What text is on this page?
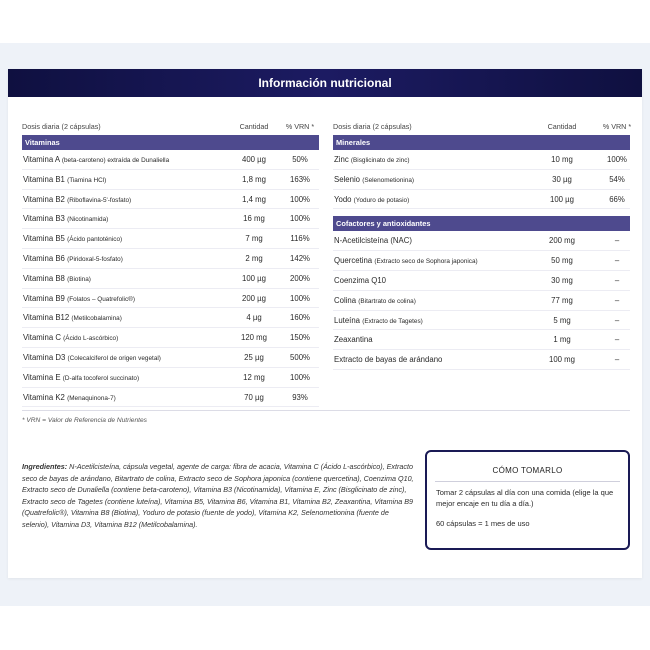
Información nutricional
Dosis diaria (2 cápsulas)	Cantidad	% VRN *
Vitaminas
Vitamina A (beta-caroteno) extraída de Dunaliella	400 µg	50%
Vitamina B1 (Tiamina HCl)	1,8 mg	163%
Vitamina B2 (Riboflavina-5'-fosfato)	1,4 mg	100%
Vitamina B3 (Nicotinamida)	16 mg	100%
Vitamina B5 (Ácido pantoténico)	7 mg	116%
Vitamina B6 (Piridoxal-5-fosfato)	2 mg	142%
Vitamina B8 (Biotina)	100 µg	200%
Vitamina B9 (Folatos – Quatrefolic®)	200 µg	100%
Vitamina B12 (Metilcobalamina)	4 µg	160%
Vitamina C (Ácido L-ascórbico)	120 mg	150%
Vitamina D3 (Colecalciferol de origen vegetal)	25 µg	500%
Vitamina E (D-alfa tocoferol succinato)	12 mg	100%
Vitamina K2 (Menaquinona-7)	70 µg	93%
Dosis diaria (2 cápsulas)	Cantidad	% VRN *
Minerales
Zinc (Bisglicinato de zinc)	10 mg	100%
Selenio (Selenometionina)	30 µg	54%
Yodo (Yoduro de potasio)	100 µg	66%
Cofactores y antioxidantes
N-Acetilcisteína (NAC)	200 mg	–
Quercetina (Extracto seco de Sophora japonica)	50 mg	–
Coenzima Q10	30 mg	–
Colina (Bitartrato de colina)	77 mg	–
Luteína (Extracto de Tagetes)	5 mg	–
Zeaxantina	1 mg	–
Extracto de bayas de arándano	100 mg	–
* VRN = Valor de Referencia de Nutrientes
Ingredientes: N-Acetilcisteína, cápsula vegetal, agente de carga: fibra de acacia, Vitamina C (Ácido L-ascórbico), Extracto seco de bayas de arándano, Bitartrato de colina, Extracto seco de Sophora japonica (contiene quercetina), Coenzima Q10, Extracto seco de Dunaliella (contiene beta-caroteno), Vitamina B3 (Nicotinamida), Vitamina E, Zinc (Bisglicinato de zinc), Extracto seco de Tagetes (contiene luteína), Vitamina B5, Vitamina B6, Vitamina B1, Vitamina B2, Zeaxantina, Vitamina B9 (Quatrefolic®), Vitamina B8 (Biotina), Yoduro de potasio (fuente de yodo), Vitamina K2, Selenometionina (fuente de selenio), Vitamina D3, Vitamina B12 (Metilcobalamina).
CÓMO TOMARLO
Tomar 2 cápsulas al día con una comida (elige la que mejor encaje en tu día a día.)
60 cápsulas = 1 mes de uso
